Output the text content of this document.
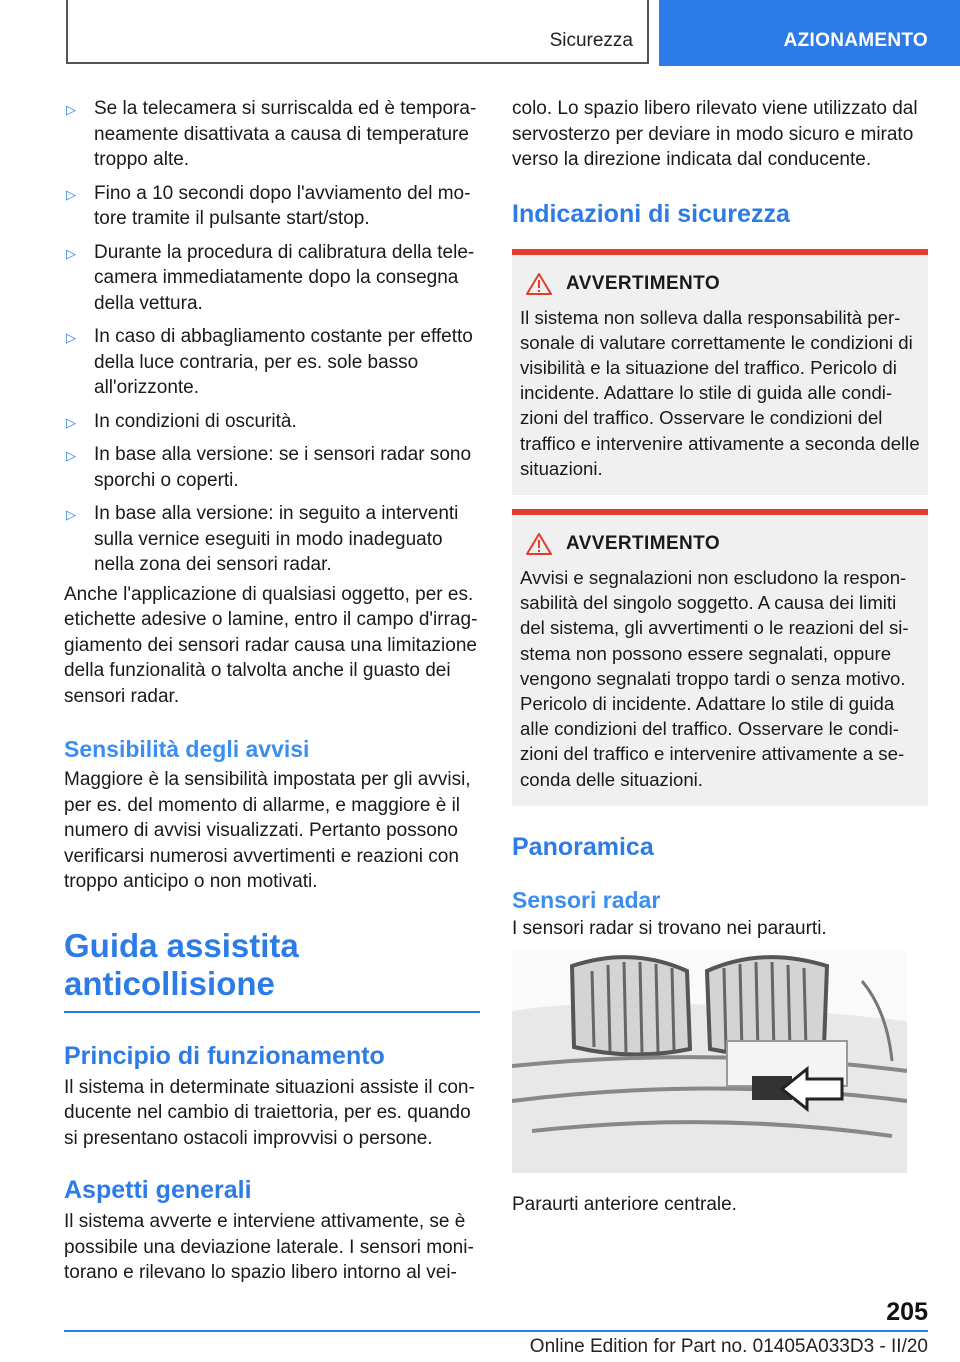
Sicurezza	AZIONAMENTO
▷ Se la telecamera si surriscalda ed è temporaneamente disattivata a causa di temperature troppo alte.
▷ Fino a 10 secondi dopo l'avviamento del motore tramite il pulsante start/stop.
▷ Durante la procedura di calibratura della telecamera immediatamente dopo la consegna della vettura.
▷ In caso di abbagliamento costante per effetto della luce contraria, per es. sole basso all'orizzonte.
▷ In condizioni di oscurità.
▷ In base alla versione: se i sensori radar sono sporchi o coperti.
▷ In base alla versione: in seguito a interventi sulla vernice eseguiti in modo inadeguato nella zona dei sensori radar.

Anche l'applicazione di qualsiasi oggetto, per es. etichette adesive o lamine, entro il campo d'irraggiamento dei sensori radar causa una limitazione della funzionalità o talvolta anche il guasto dei sensori radar.

Sensibilità degli avvisi

Maggiore è la sensibilità impostata per gli avvisi, per es. del momento di allarme, e maggiore è il numero di avvisi visualizzati. Pertanto possono verificarsi numerosi avvertimenti e reazioni con troppo anticipo o non motivati.

Guida assistita
anticollisione
Principio di funzionamento

Il sistema in determinate situazioni assiste il conducente nel cambio di traiettoria, per es. quando si presentano ostacoli improvvisi o persone.

Aspetti generali

Il sistema avverte e interviene attivamente, se è possibile una deviazione laterale. I sensori monitorano e rilevano lo spazio libero intorno al vei-

colo. Lo spazio libero rilevato viene utilizzato dal servosterzo per deviare in modo sicuro e mirato verso la direzione indicata dal conducente.

Indicazioni di sicurezza
AVVERTIMENTO

Il sistema non solleva dalla responsabilità personale di valutare correttamente le condizioni di visibilità e la situazione del traffico. Pericolo di incidente. Adattare lo stile di guida alle condizioni del traffico. Osservare le condizioni del traffico e intervenire attivamente a seconda delle situazioni.

AVVERTIMENTO

Avvisi e segnalazioni non escludono la responsabilità del singolo soggetto. A causa dei limiti del sistema, gli avvertimenti o le reazioni del sistema non possono essere segnalati, oppure vengono segnalati troppo tardi o senza motivo. Pericolo di incidente. Adattare lo stile di guida alle condizioni del traffico. Osservare le condizioni del traffico e intervenire attivamente a seconda delle situazioni.

Panoramica
Sensori radar

I sensori radar si trovano nei paraurti.

Paraurti anteriore centrale.

205
Online Edition for Part no. 01405A033D3 - II/20
